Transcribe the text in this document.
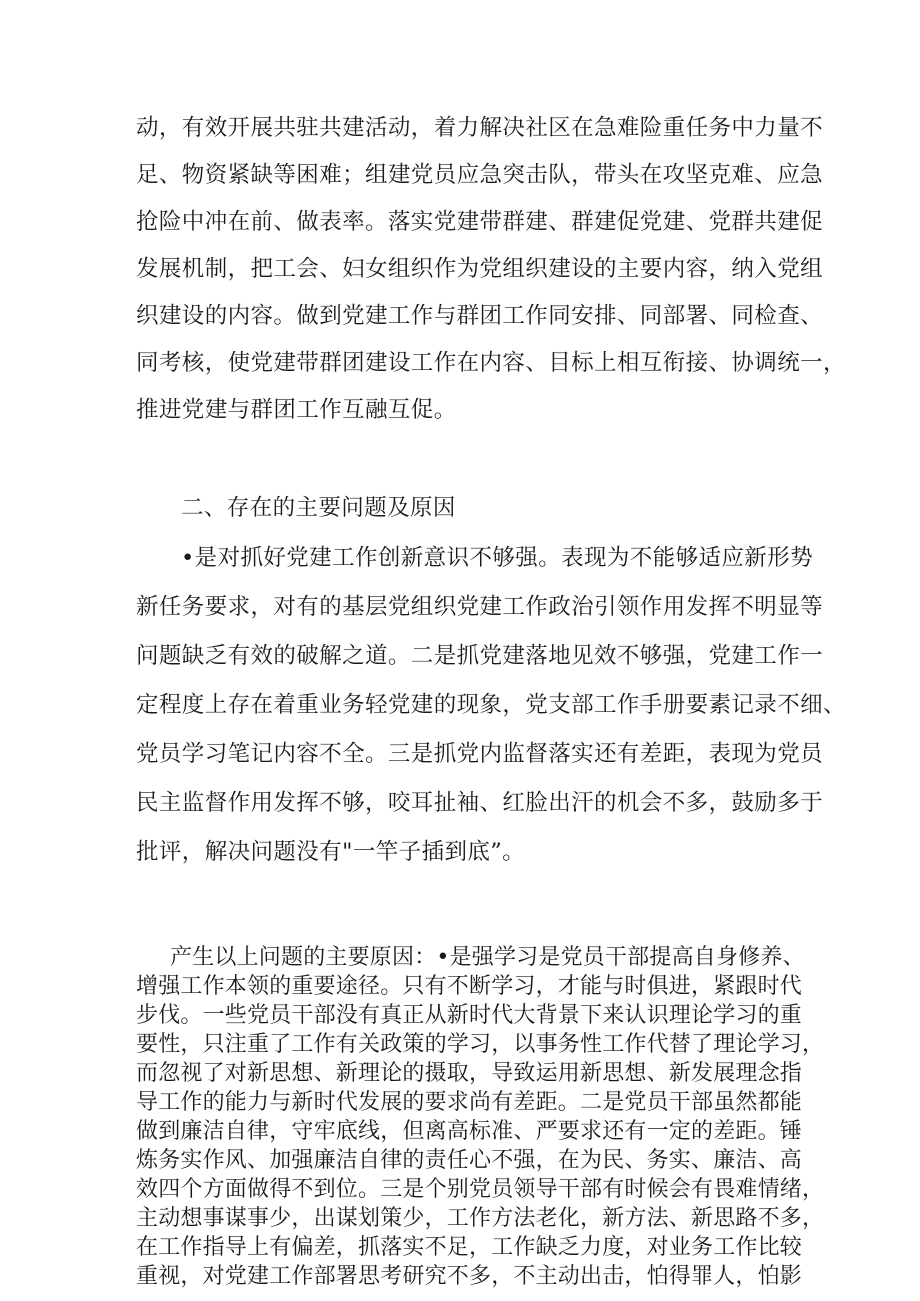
动，有效开展共驻共建活动，着力解决社区在急难险重任务中力量不
足、物资紧缺等困难；组建党员应急突击队，带头在攻坚克难、应急
抢险中冲在前、做表率。落实党建带群建、群建促党建、党群共建促
发展机制，把工会、妇女组织作为党组织建设的主要内容，纳入党组
织建设的内容。做到党建工作与群团工作同安排、同部署、同检查、
同考核，使党建带群团建设工作在内容、目标上相互衔接、协调统一，
推进党建与群团工作互融互促。
二、存在的主要问题及原因
•是对抓好党建工作创新意识不够强。表现为不能够适应新形势
新任务要求，对有的基层党组织党建工作政治引领作用发挥不明显等
问题缺乏有效的破解之道。二是抓党建落地见效不够强，党建工作一
定程度上存在着重业务轻党建的现象，党支部工作手册要素记录不细、
党员学习笔记内容不全。三是抓党内监督落实还有差距，表现为党员
民主监督作用发挥不够，咬耳扯袖、红脸出汗的机会不多，鼓励多于
批评，解决问题没有"一竿子插到底”。
产生以上问题的主要原因：•是强学习是党员干部提高自身修养、
增强工作本领的重要途径。只有不断学习，才能与时俱进，紧跟时代
步伐。一些党员干部没有真正从新时代大背景下来认识理论学习的重
要性，只注重了工作有关政策的学习，以事务性工作代替了理论学习，
而忽视了对新思想、新理论的摄取，导致运用新思想、新发展理念指
导工作的能力与新时代发展的要求尚有差距。二是党员干部虽然都能
做到廉洁自律，守牢底线，但离高标准、严要求还有一定的差距。锤
炼务实作风、加强廉洁自律的责任心不强，在为民、务实、廉洁、高
效四个方面做得不到位。三是个别党员领导干部有时候会有畏难情绪，
主动想事谋事少，出谋划策少，工作方法老化，新方法、新思路不多，
在工作指导上有偏差，抓落实不足，工作缺乏力度，对业务工作比较
重视，对党建工作部署思考研究不多，不主动出击，怕得罪人，怕影
